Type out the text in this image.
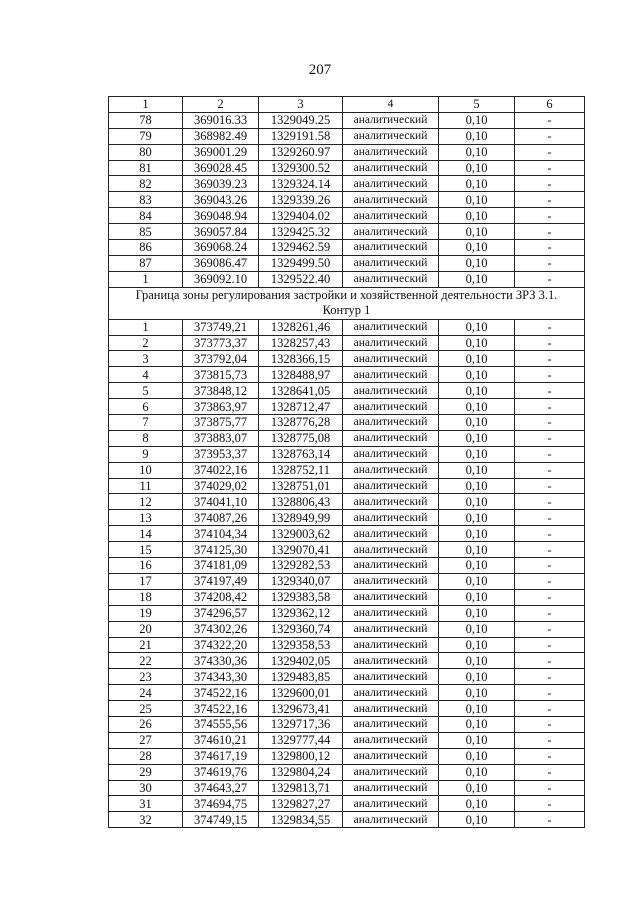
207
1	2	3	4	5	6
78	369016.33	1329049.25	аналитический	0,10	-
79	368982.49	1329191.58	аналитический	0,10	-
80	369001.29	1329260.97	аналитический	0,10	-
81	369028.45	1329300.52	аналитический	0,10	-
82	369039.23	1329324.14	аналитический	0,10	-
83	369043.26	1329339.26	аналитический	0,10	-
84	369048.94	1329404.02	аналитический	0,10	-
85	369057.84	1329425.32	аналитический	0,10	-
86	369068.24	1329462.59	аналитический	0,10	-
87	369086.47	1329499.50	аналитический	0,10	-
1	369092.10	1329522.40	аналитический	0,10	-

Граница зоны регулирования застройки и хозяйственной деятельности ЗРЗ 3.1.
Контур 1					

1	373749,21	1328261,46	аналитический	0,10	-
2	373773,37	1328257,43	аналитический	0,10	-
3	373792,04	1328366,15	аналитический	0,10	-
4	373815,73	1328488,97	аналитический	0,10	-
5	373848,12	1328641,05	аналитический	0,10	-
6	373863,97	1328712,47	аналитический	0,10	-
7	373875,77	1328776,28	аналитический	0,10	-
8	373883,07	1328775,08	аналитический	0,10	-
9	373953,37	1328763,14	аналитический	0,10	-
10	374022,16	1328752,11	аналитический	0,10	-
11	374029,02	1328751,01	аналитический	0,10	-
12	374041,10	1328806,43	аналитический	0,10	-
13	374087,26	1328949,99	аналитический	0,10	-
14	374104,34	1329003,62	аналитический	0,10	-
15	374125,30	1329070,41	аналитический	0,10	-
16	374181,09	1329282,53	аналитический	0,10	-
17	374197,49	1329340,07	аналитический	0,10	-
18	374208,42	1329383,58	аналитический	0,10	-
19	374296,57	1329362,12	аналитический	0,10	-
20	374302,26	1329360,74	аналитический	0,10	-
21	374322,20	1329358,53	аналитический	0,10	-
22	374330,36	1329402,05	аналитический	0,10	-
23	374343,30	1329483,85	аналитический	0,10	-
24	374522,16	1329600,01	аналитический	0,10	-
25	374522,16	1329673,41	аналитический	0,10	-
26	374555,56	1329717,36	аналитический	0,10	-
27	374610,21	1329777,44	аналитический	0,10	-
28	374617,19	1329800,12	аналитический	0,10	-
29	374619,76	1329804,24	аналитический	0,10	-
30	374643,27	1329813,71	аналитический	0,10	-
31	374694,75	1329827,27	аналитический	0,10	-
32	374749,15	1329834,55	аналитический	0,10	-
